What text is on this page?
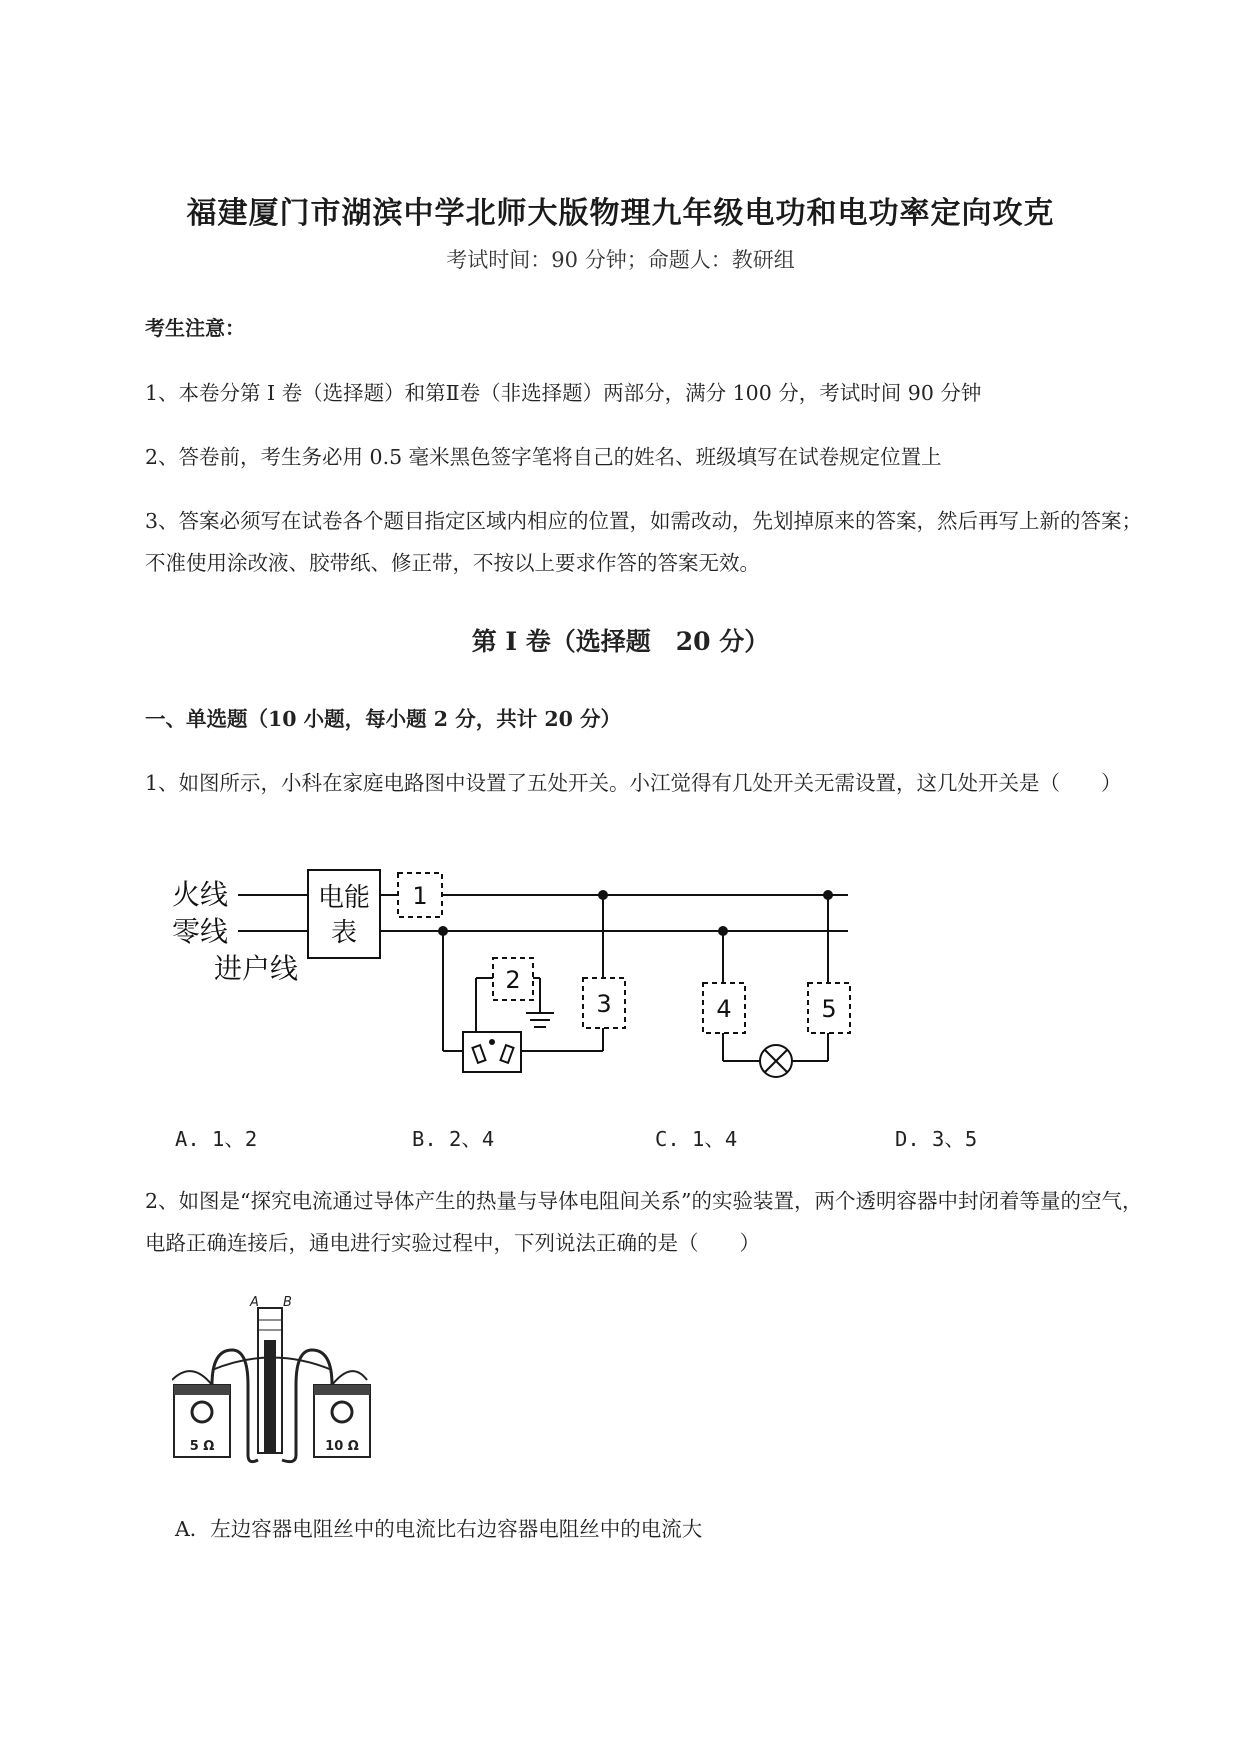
福建厦门市湖滨中学北师大版物理九年级电功和电功率定向攻克
考试时间：90 分钟；命题人：教研组
考生注意：
1、本卷分第 I 卷（选择题）和第Ⅱ卷（非选择题）两部分，满分 100 分，考试时间 90 分钟
2、答卷前，考生务必用 0.5 毫米黑色签字笔将自己的姓名、班级填写在试卷规定位置上
3、答案必须写在试卷各个题目指定区域内相应的位置，如需改动，先划掉原来的答案，然后再写上新的答案；不准使用涂改液、胶带纸、修正带，不按以上要求作答的答案无效。
第 I 卷（选择题　20 分）
一、单选题（10 小题，每小题 2 分，共计 20 分）
1、如图所示，小科在家庭电路图中设置了五处开关。小江觉得有几处开关无需设置，这几处开关是（　　）
火线
零线
进户线
电能
表
1
2
3	4	5
A. 1、2	B. 2、4	C. 1、4	D. 3、5
2、如图是“探究电流通过导体产生的热量与导体电阻间关系”的实验装置，两个透明容器中封闭着等量的空气，电路正确连接后，通电进行实验过程中，下列说法正确的是（　　）
A B
5 Ω	10 Ω
A．左边容器电阻丝中的电流比右边容器电阻丝中的电流大
